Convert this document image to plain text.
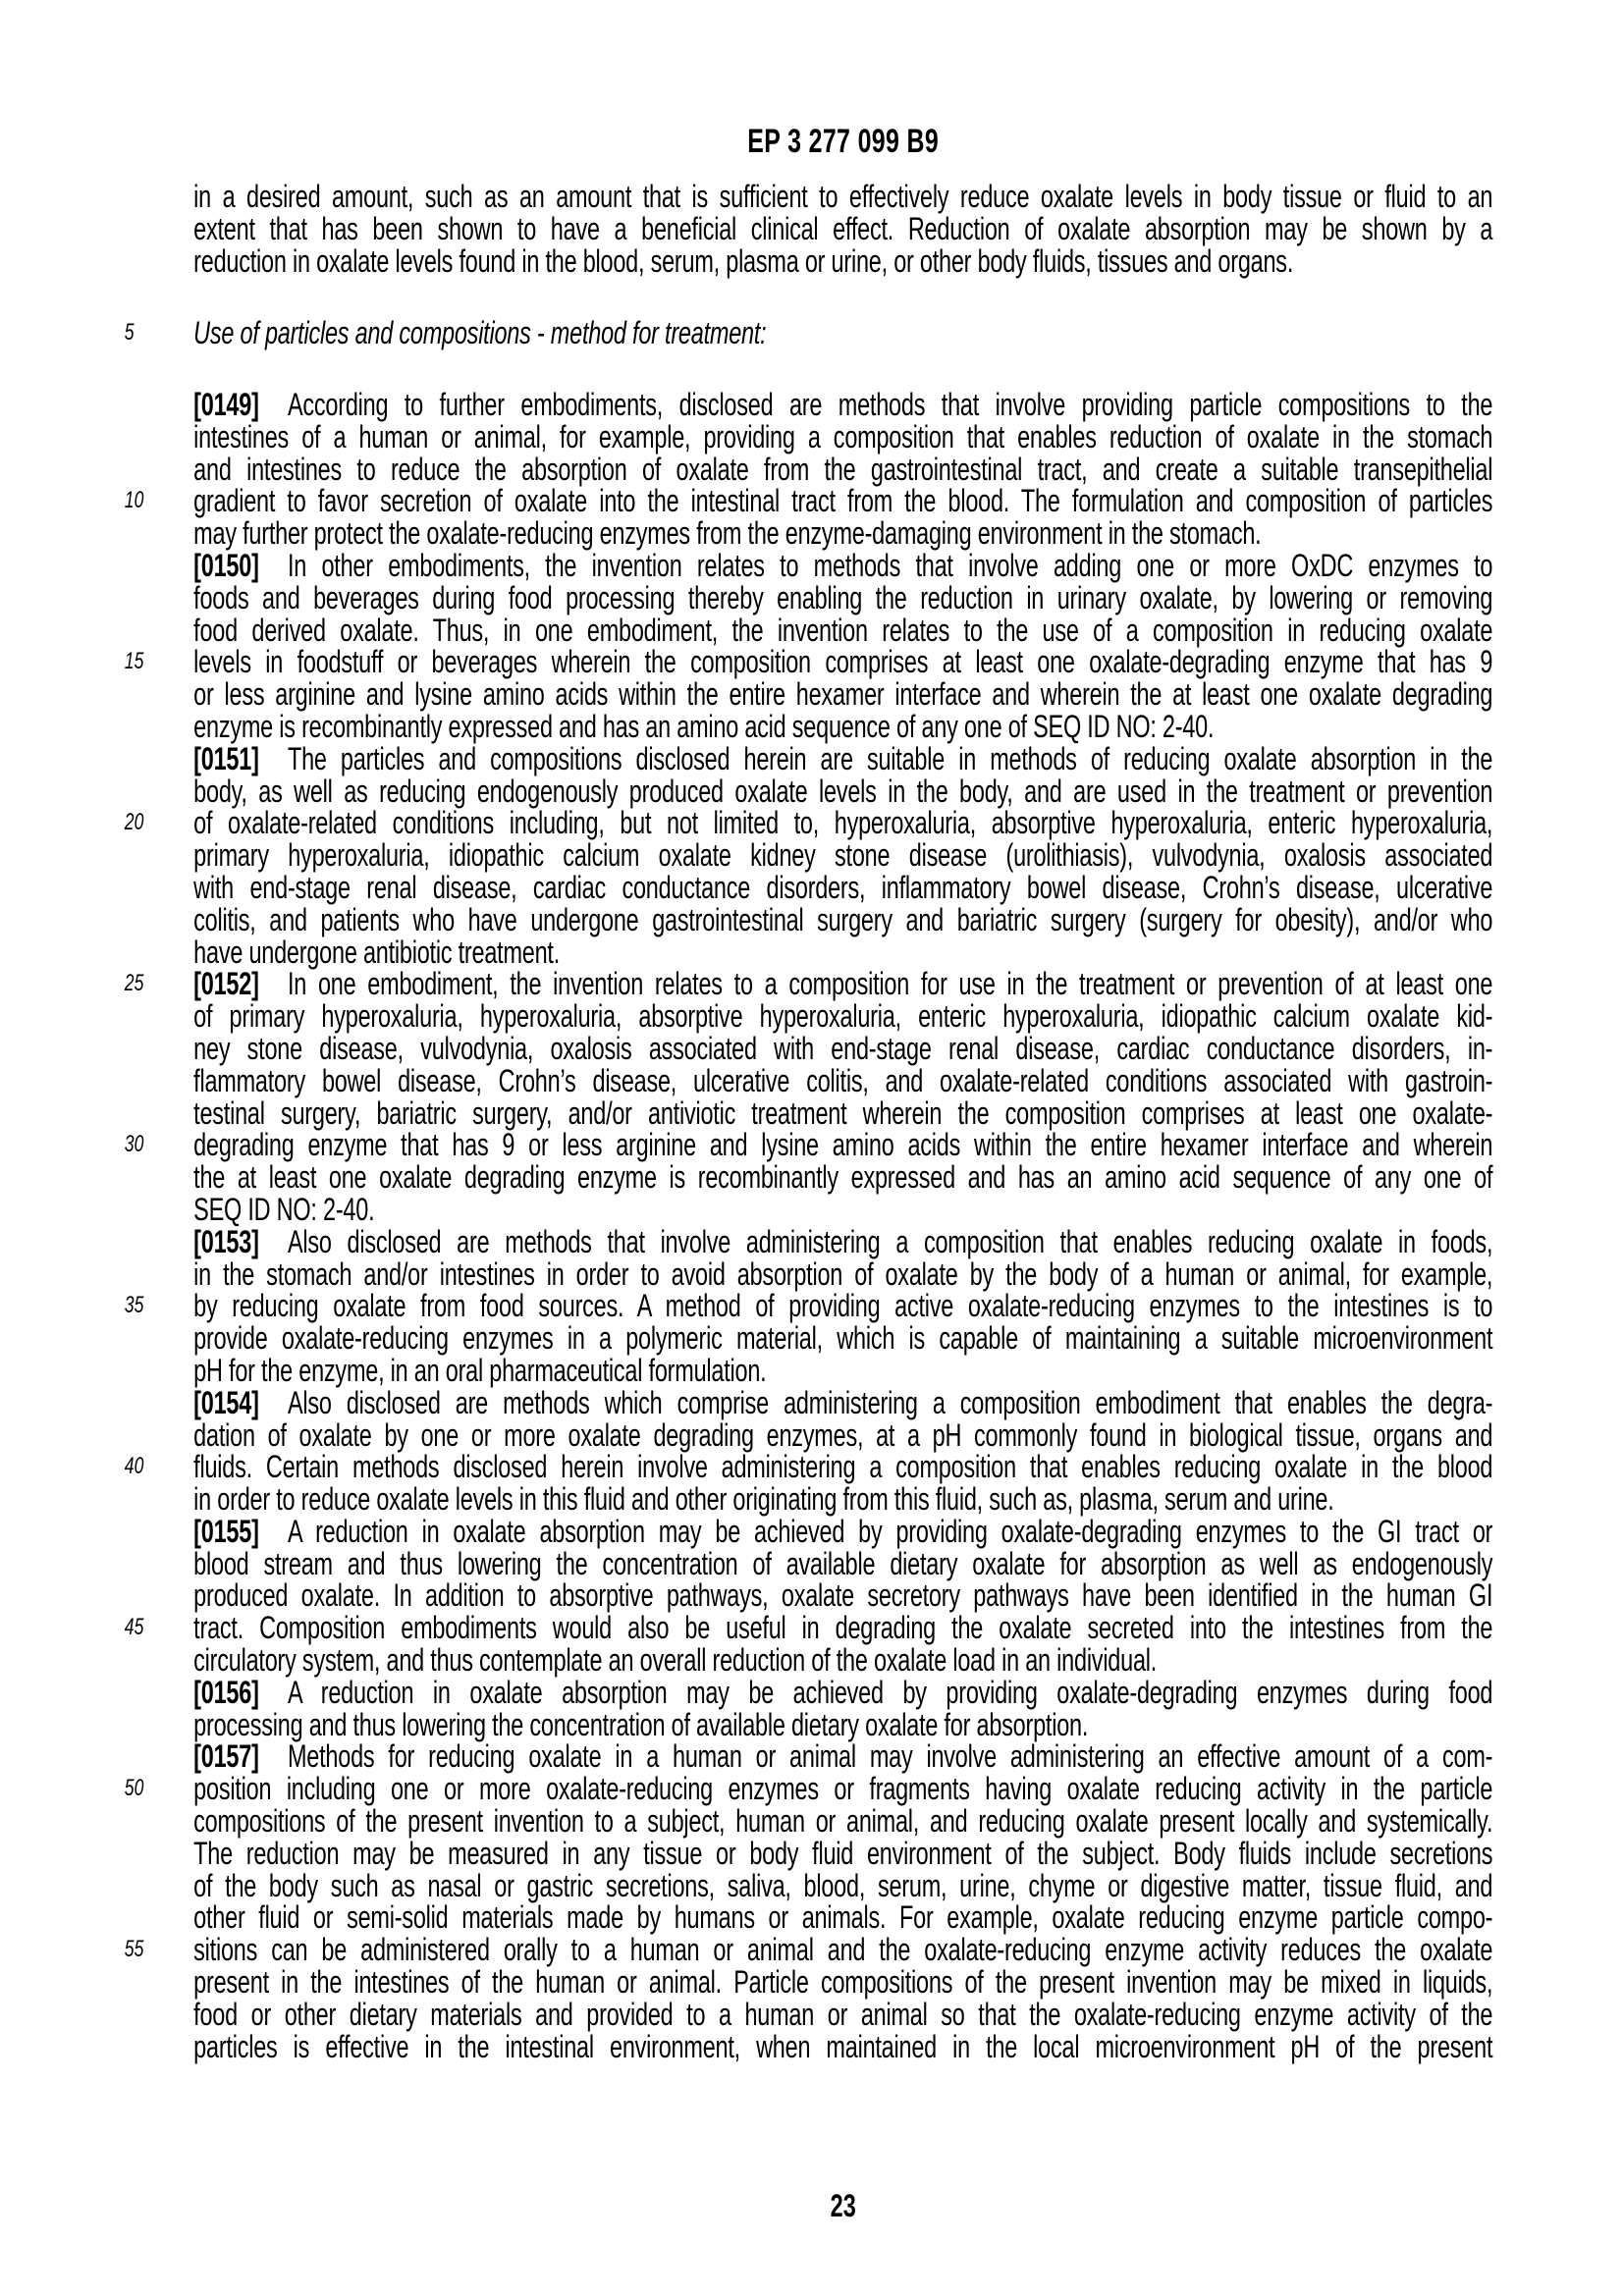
EP 3 277 099 B9
5
10
15
20
25
30
35
40
45
50
55
in a desired amount, such as an amount that is sufficient to effectively reduce oxalate levels in body tissue or fluid to an
extent that has been shown to have a beneficial clinical effect. Reduction of oxalate absorption may be shown by a
reduction in oxalate levels found in the blood, serum, plasma or urine, or other body fluids, tissues and organs.
Use of particles and compositions - method for treatment:
[0149] According to further embodiments, disclosed are methods that involve providing particle compositions to the
intestines of a human or animal, for example, providing a composition that enables reduction of oxalate in the stomach
and intestines to reduce the absorption of oxalate from the gastrointestinal tract, and create a suitable transepithelial
gradient to favor secretion of oxalate into the intestinal tract from the blood. The formulation and composition of particles
may further protect the oxalate-reducing enzymes from the enzyme-damaging environment in the stomach.
[0150] In other embodiments, the invention relates to methods that involve adding one or more OxDC enzymes to
foods and beverages during food processing thereby enabling the reduction in urinary oxalate, by lowering or removing
food derived oxalate. Thus, in one embodiment, the invention relates to the use of a composition in reducing oxalate
levels in foodstuff or beverages wherein the composition comprises at least one oxalate-degrading enzyme that has 9
or less arginine and lysine amino acids within the entire hexamer interface and wherein the at least one oxalate degrading
enzyme is recombinantly expressed and has an amino acid sequence of any one of SEQ ID NO: 2-40.
[0151] The particles and compositions disclosed herein are suitable in methods of reducing oxalate absorption in the
body, as well as reducing endogenously produced oxalate levels in the body, and are used in the treatment or prevention
of oxalate-related conditions including, but not limited to, hyperoxaluria, absorptive hyperoxaluria, enteric hyperoxaluria,
primary hyperoxaluria, idiopathic calcium oxalate kidney stone disease (urolithiasis), vulvodynia, oxalosis associated
with end-stage renal disease, cardiac conductance disorders, inflammatory bowel disease, Crohn’s disease, ulcerative
colitis, and patients who have undergone gastrointestinal surgery and bariatric surgery (surgery for obesity), and/or who
have undergone antibiotic treatment.
[0152] In one embodiment, the invention relates to a composition for use in the treatment or prevention of at least one
of primary hyperoxaluria, hyperoxaluria, absorptive hyperoxaluria, enteric hyperoxaluria, idiopathic calcium oxalate kid-
ney stone disease, vulvodynia, oxalosis associated with end-stage renal disease, cardiac conductance disorders, in-
flammatory bowel disease, Crohn’s disease, ulcerative colitis, and oxalate-related conditions associated with gastroin-
testinal surgery, bariatric surgery, and/or antiviotic treatment wherein the composition comprises at least one oxalate-
degrading enzyme that has 9 or less arginine and lysine amino acids within the entire hexamer interface and wherein
the at least one oxalate degrading enzyme is recombinantly expressed and has an amino acid sequence of any one of
SEQ ID NO: 2-40.
[0153] Also disclosed are methods that involve administering a composition that enables reducing oxalate in foods,
in the stomach and/or intestines in order to avoid absorption of oxalate by the body of a human or animal, for example,
by reducing oxalate from food sources. A method of providing active oxalate-reducing enzymes to the intestines is to
provide oxalate-reducing enzymes in a polymeric material, which is capable of maintaining a suitable microenvironment
pH for the enzyme, in an oral pharmaceutical formulation.
[0154] Also disclosed are methods which comprise administering a composition embodiment that enables the degra-
dation of oxalate by one or more oxalate degrading enzymes, at a pH commonly found in biological tissue, organs and
fluids. Certain methods disclosed herein involve administering a composition that enables reducing oxalate in the blood
in order to reduce oxalate levels in this fluid and other originating from this fluid, such as, plasma, serum and urine.
[0155] A reduction in oxalate absorption may be achieved by providing oxalate-degrading enzymes to the GI tract or
blood stream and thus lowering the concentration of available dietary oxalate for absorption as well as endogenously
produced oxalate. In addition to absorptive pathways, oxalate secretory pathways have been identified in the human GI
tract. Composition embodiments would also be useful in degrading the oxalate secreted into the intestines from the
circulatory system, and thus contemplate an overall reduction of the oxalate load in an individual.
[0156] A reduction in oxalate absorption may be achieved by providing oxalate-degrading enzymes during food
processing and thus lowering the concentration of available dietary oxalate for absorption.
[0157] Methods for reducing oxalate in a human or animal may involve administering an effective amount of a com-
position including one or more oxalate-reducing enzymes or fragments having oxalate reducing activity in the particle
compositions of the present invention to a subject, human or animal, and reducing oxalate present locally and systemically.
The reduction may be measured in any tissue or body fluid environment of the subject. Body fluids include secretions
of the body such as nasal or gastric secretions, saliva, blood, serum, urine, chyme or digestive matter, tissue fluid, and
other fluid or semi-solid materials made by humans or animals. For example, oxalate reducing enzyme particle compo-
sitions can be administered orally to a human or animal and the oxalate-reducing enzyme activity reduces the oxalate
present in the intestines of the human or animal. Particle compositions of the present invention may be mixed in liquids,
food or other dietary materials and provided to a human or animal so that the oxalate-reducing enzyme activity of the
particles is effective in the intestinal environment, when maintained in the local microenvironment pH of the present
23
